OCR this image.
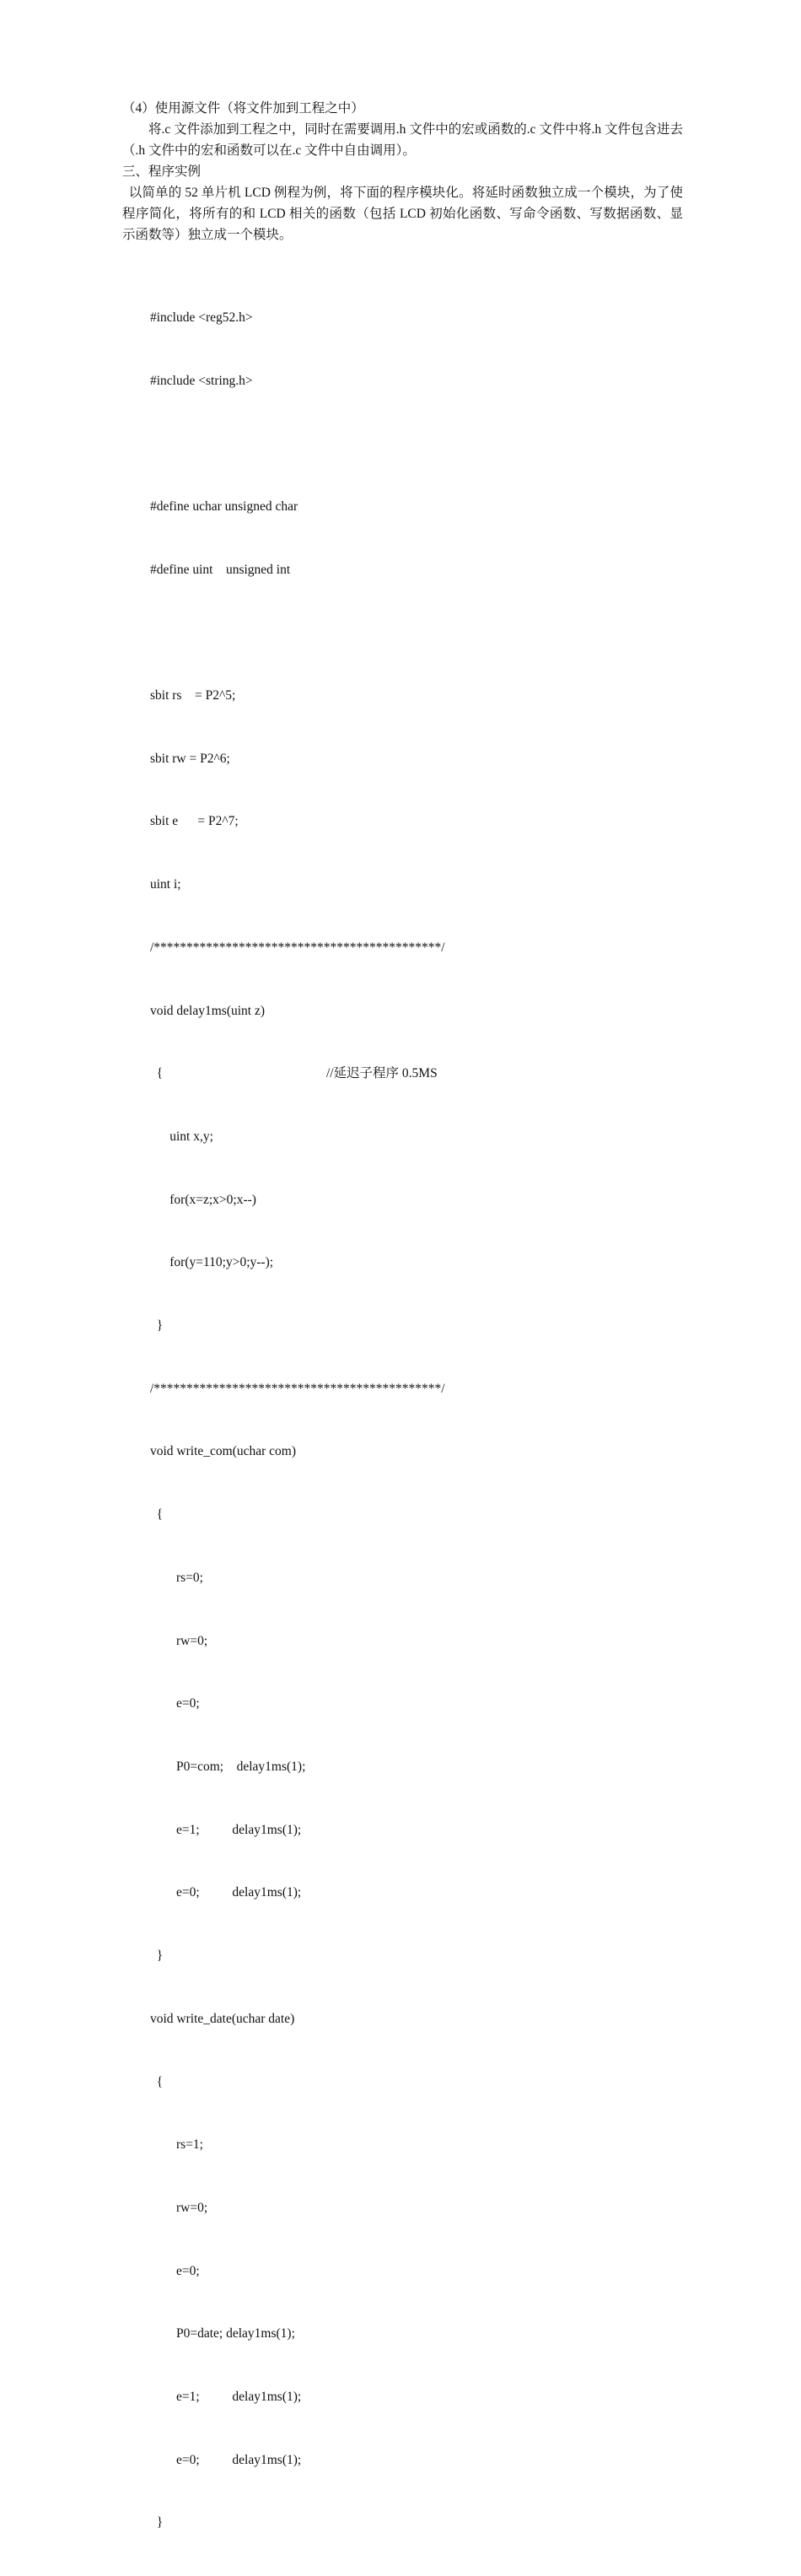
（4）使用源文件（将文件加到工程之中）

将.c 文件添加到工程之中，同时在需要调用.h 文件中的宏或函数的.c 文件中将.h 文件包含进去（.h 文件中的宏和函数可以在.c 文件中自由调用）。

三、程序实例

以简单的 52 单片机 LCD 例程为例，将下面的程序模块化。将延时函数独立成一个模块，为了使程序简化，将所有的和 LCD 相关的函数（包括 LCD 初始化函数、写命令函数、写数据函数、显示函数等）独立成一个模块。

#include <reg52.h>

#include <string.h>

#define uchar unsigned char

#define uint    unsigned int

sbit rs    = P2^5;

sbit rw = P2^6;

sbit e      = P2^7;

uint i;

/********************************************/

void delay1ms(uint z)

{                                                  //延迟子程序 0.5MS

uint x,y;

for(x=z;x>0;x--)

for(y=110;y>0;y--);

}

/********************************************/

void write_com(uchar com)

{

rs=0;

rw=0;

e=0;

P0=com;    delay1ms(1);

e=1;          delay1ms(1);

e=0;          delay1ms(1);

}

void write_date(uchar date)

{

rs=1;

rw=0;

e=0;

P0=date; delay1ms(1);

e=1;          delay1ms(1);

e=0;          delay1ms(1);

}
